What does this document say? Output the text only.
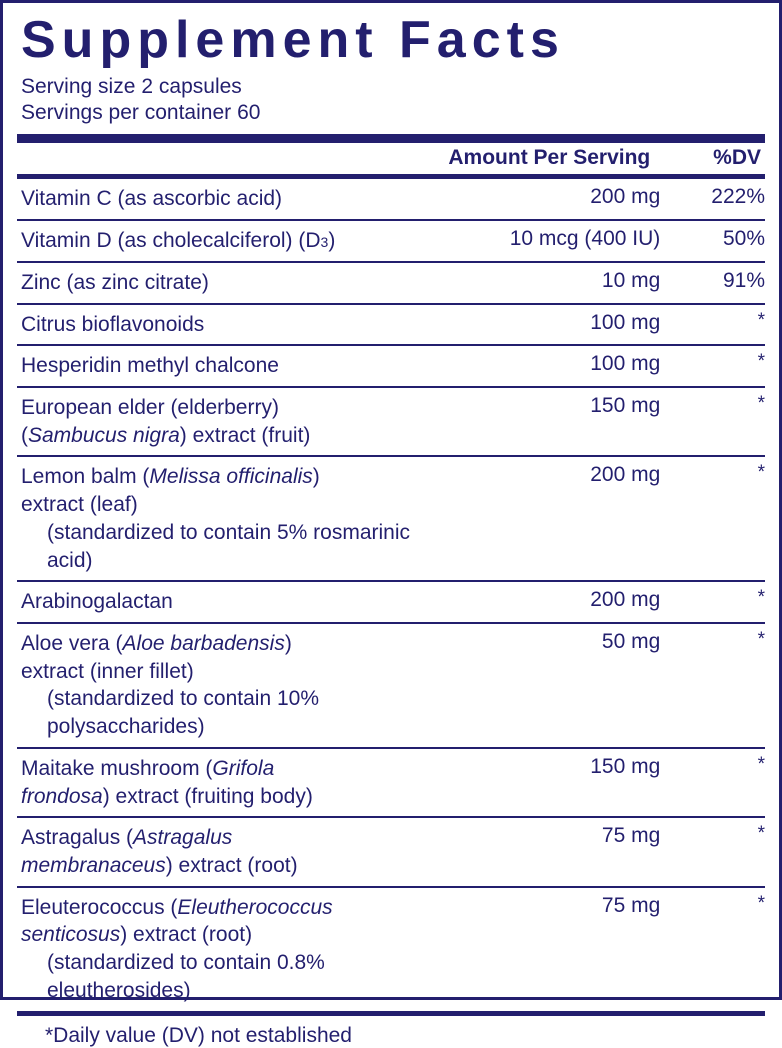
Supplement Facts
Serving size 2 capsules
Servings per container 60
	Amount Per Serving	%DV
Vitamin C (as ascorbic acid)	200 mg	222%

Vitamin D (as cholecalciferol) (D3)	10 mcg (400 IU)	50%

Zinc (as zinc citrate)	10 mg	91%

Citrus bioflavonoids	100 mg	*

Hesperidin methyl chalcone	100 mg	*

European elder (elderberry)
(Sambucus nigra) extract (fruit)	150 mg	*

Lemon balm (Melissa officinalis)
extract (leaf)
(standardized to contain 5% rosmarinic acid)	200 mg	*

Arabinogalactan	200 mg	*

Aloe vera (Aloe barbadensis)
extract (inner fillet)
(standardized to contain 10% polysaccharides)	50 mg	*

Maitake mushroom (Grifola
frondosa) extract (fruiting body)	150 mg	*

Astragalus (Astragalus
membranaceus) extract (root)	75 mg	*

Eleuterococcus (Eleutherococcus
senticosus) extract (root)
(standardized to contain 0.8% eleutherosides)	75 mg	*
*Daily value (DV) not established
